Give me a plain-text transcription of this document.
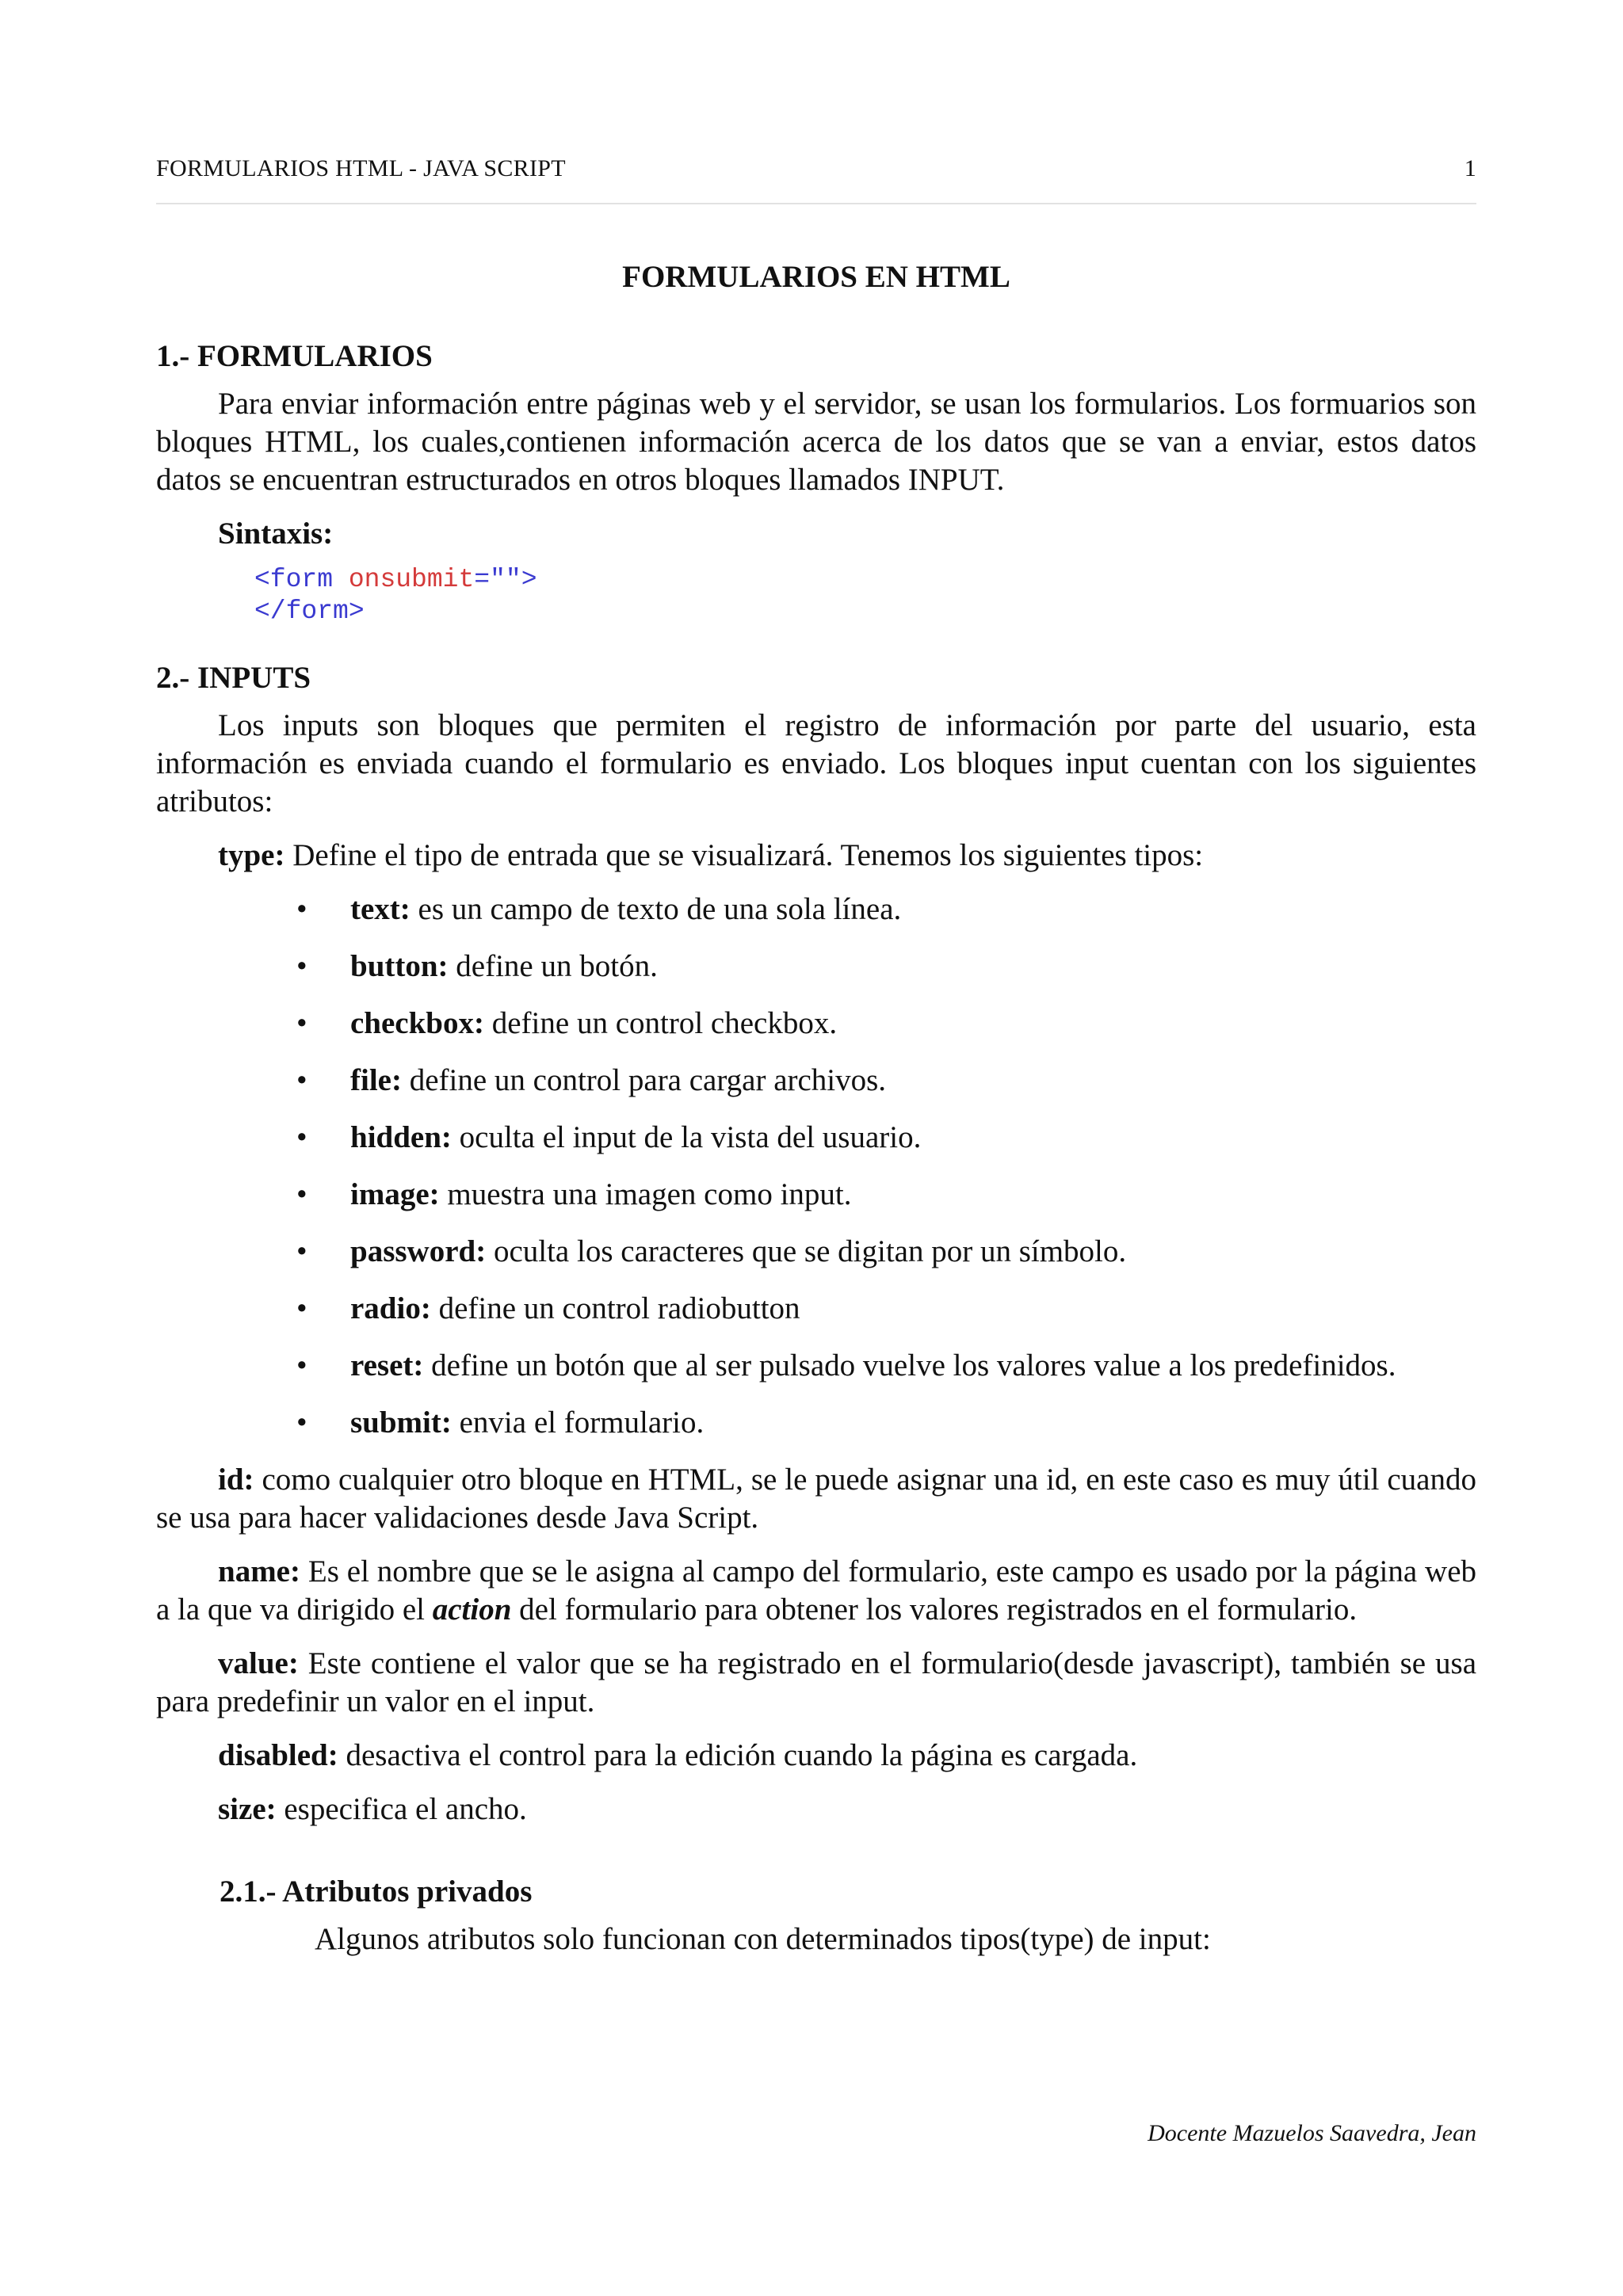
FORMULARIOS HTML - JAVA SCRIPT	1
FORMULARIOS EN HTML
1.- FORMULARIOS

Para enviar información entre páginas web y el servidor, se usan los formularios. Los formuarios son bloques HTML, los cuales,contienen información acerca de los datos que se van a enviar, estos datos datos se encuentran estructurados en otros bloques llamados INPUT.

Sintaxis:

<form onsubmit="">
</form>
2.- INPUTS

Los inputs son bloques que permiten el registro de información por parte del usuario, esta información es enviada cuando el formulario es enviado. Los bloques input cuentan con los siguientes atributos:

type: Define el tipo de entrada que se visualizará. Tenemos los siguientes tipos:

• text: es un campo de texto de una sola línea.
• button: define un botón.
• checkbox: define un control checkbox.
• file: define un control para cargar archivos.
• hidden: oculta el input de la vista del usuario.
• image: muestra una imagen como input.
• password: oculta los caracteres que se digitan por un símbolo.
• radio: define un control radiobutton
• reset: define un botón que al ser pulsado vuelve los valores value a los predefinidos.
• submit: envia el formulario.

id: como cualquier otro bloque en HTML, se le puede asignar una id, en este caso es muy útil cuando se usa para hacer validaciones desde Java Script.

name: Es el nombre que se le asigna al campo del formulario, este campo es usado por la página web a la que va dirigido el action del formulario para obtener los valores registrados en el formulario.

value: Este contiene el valor que se ha registrado en el formulario(desde javascript), también se usa para predefinir un valor en el input.

disabled: desactiva el control para la edición cuando la página es cargada.

size: especifica el ancho.

2.1.- Atributos privados

Algunos atributos solo funcionan con determinados tipos(type) de input:

Docente Mazuelos Saavedra, Jean
